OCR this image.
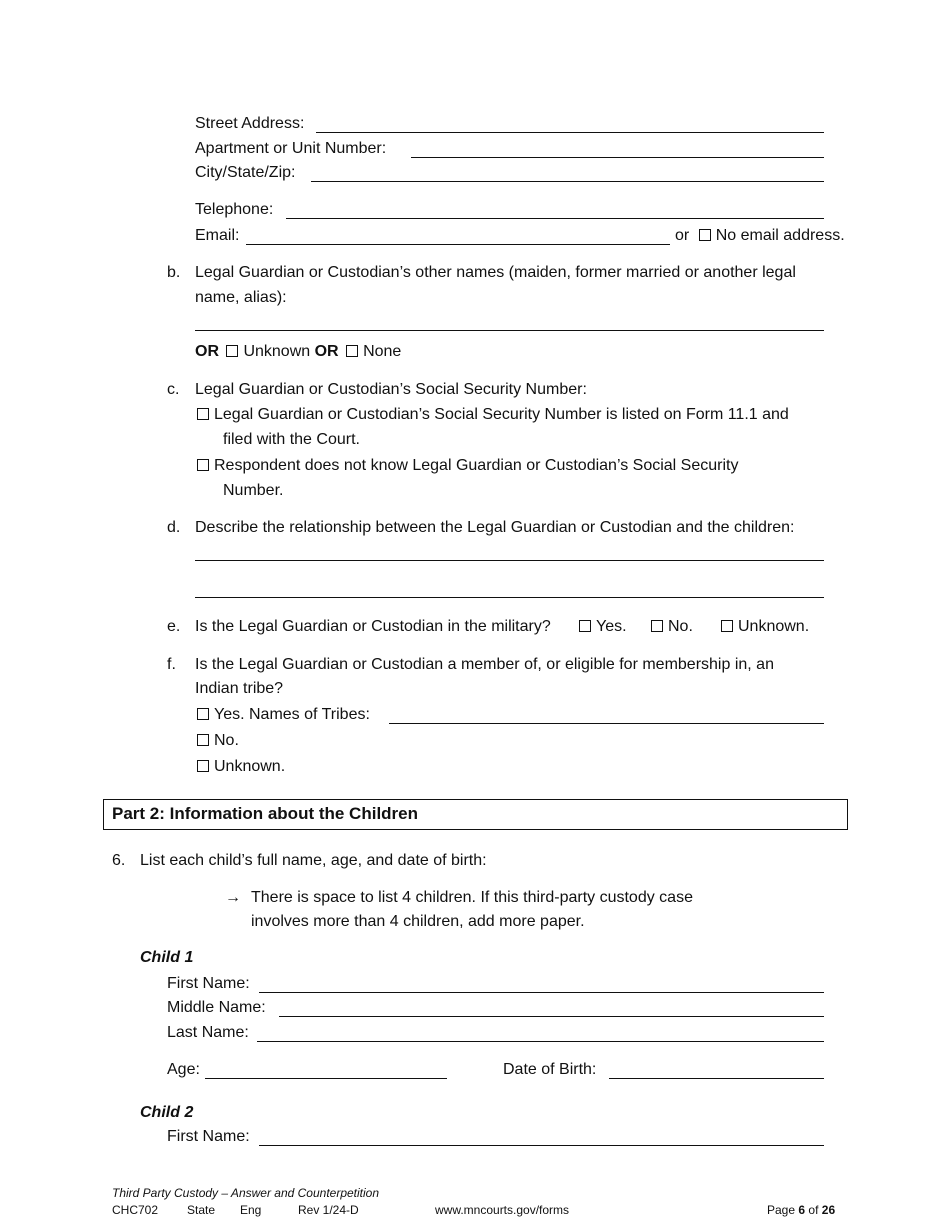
Street Address:
Apartment or Unit Number:
City/State/Zip:
Telephone:
Email:	or No email address.
b. Legal Guardian or Custodian’s other names (maiden, former married or another legal
name, alias):
OR Unknown OR None
c. Legal Guardian or Custodian’s Social Security Number:
Legal Guardian or Custodian’s Social Security Number is listed on Form 11.1 and
filed with the Court.
Respondent does not know Legal Guardian or Custodian’s Social Security
Number.
d. Describe the relationship between the Legal Guardian or Custodian and the children:
e. Is the Legal Guardian or Custodian in the military?	Yes.	No.	Unknown.
f. Is the Legal Guardian or Custodian a member of, or eligible for membership in, an
Indian tribe?
Yes. Names of Tribes:
No.
Unknown.
Part 2: Information about the Children
6. List each child’s full name, age, and date of birth:
→ There is space to list 4 children. If this third-party custody case
involves more than 4 children, add more paper.
Child 1
First Name:
Middle Name:
Last Name:
Age:	Date of Birth:
Child 2
First Name:
Third Party Custody – Answer and Counterpetition
CHC702 State Eng	Rev 1/24-D	www.mncourts.gov/forms	Page 6 of 26
